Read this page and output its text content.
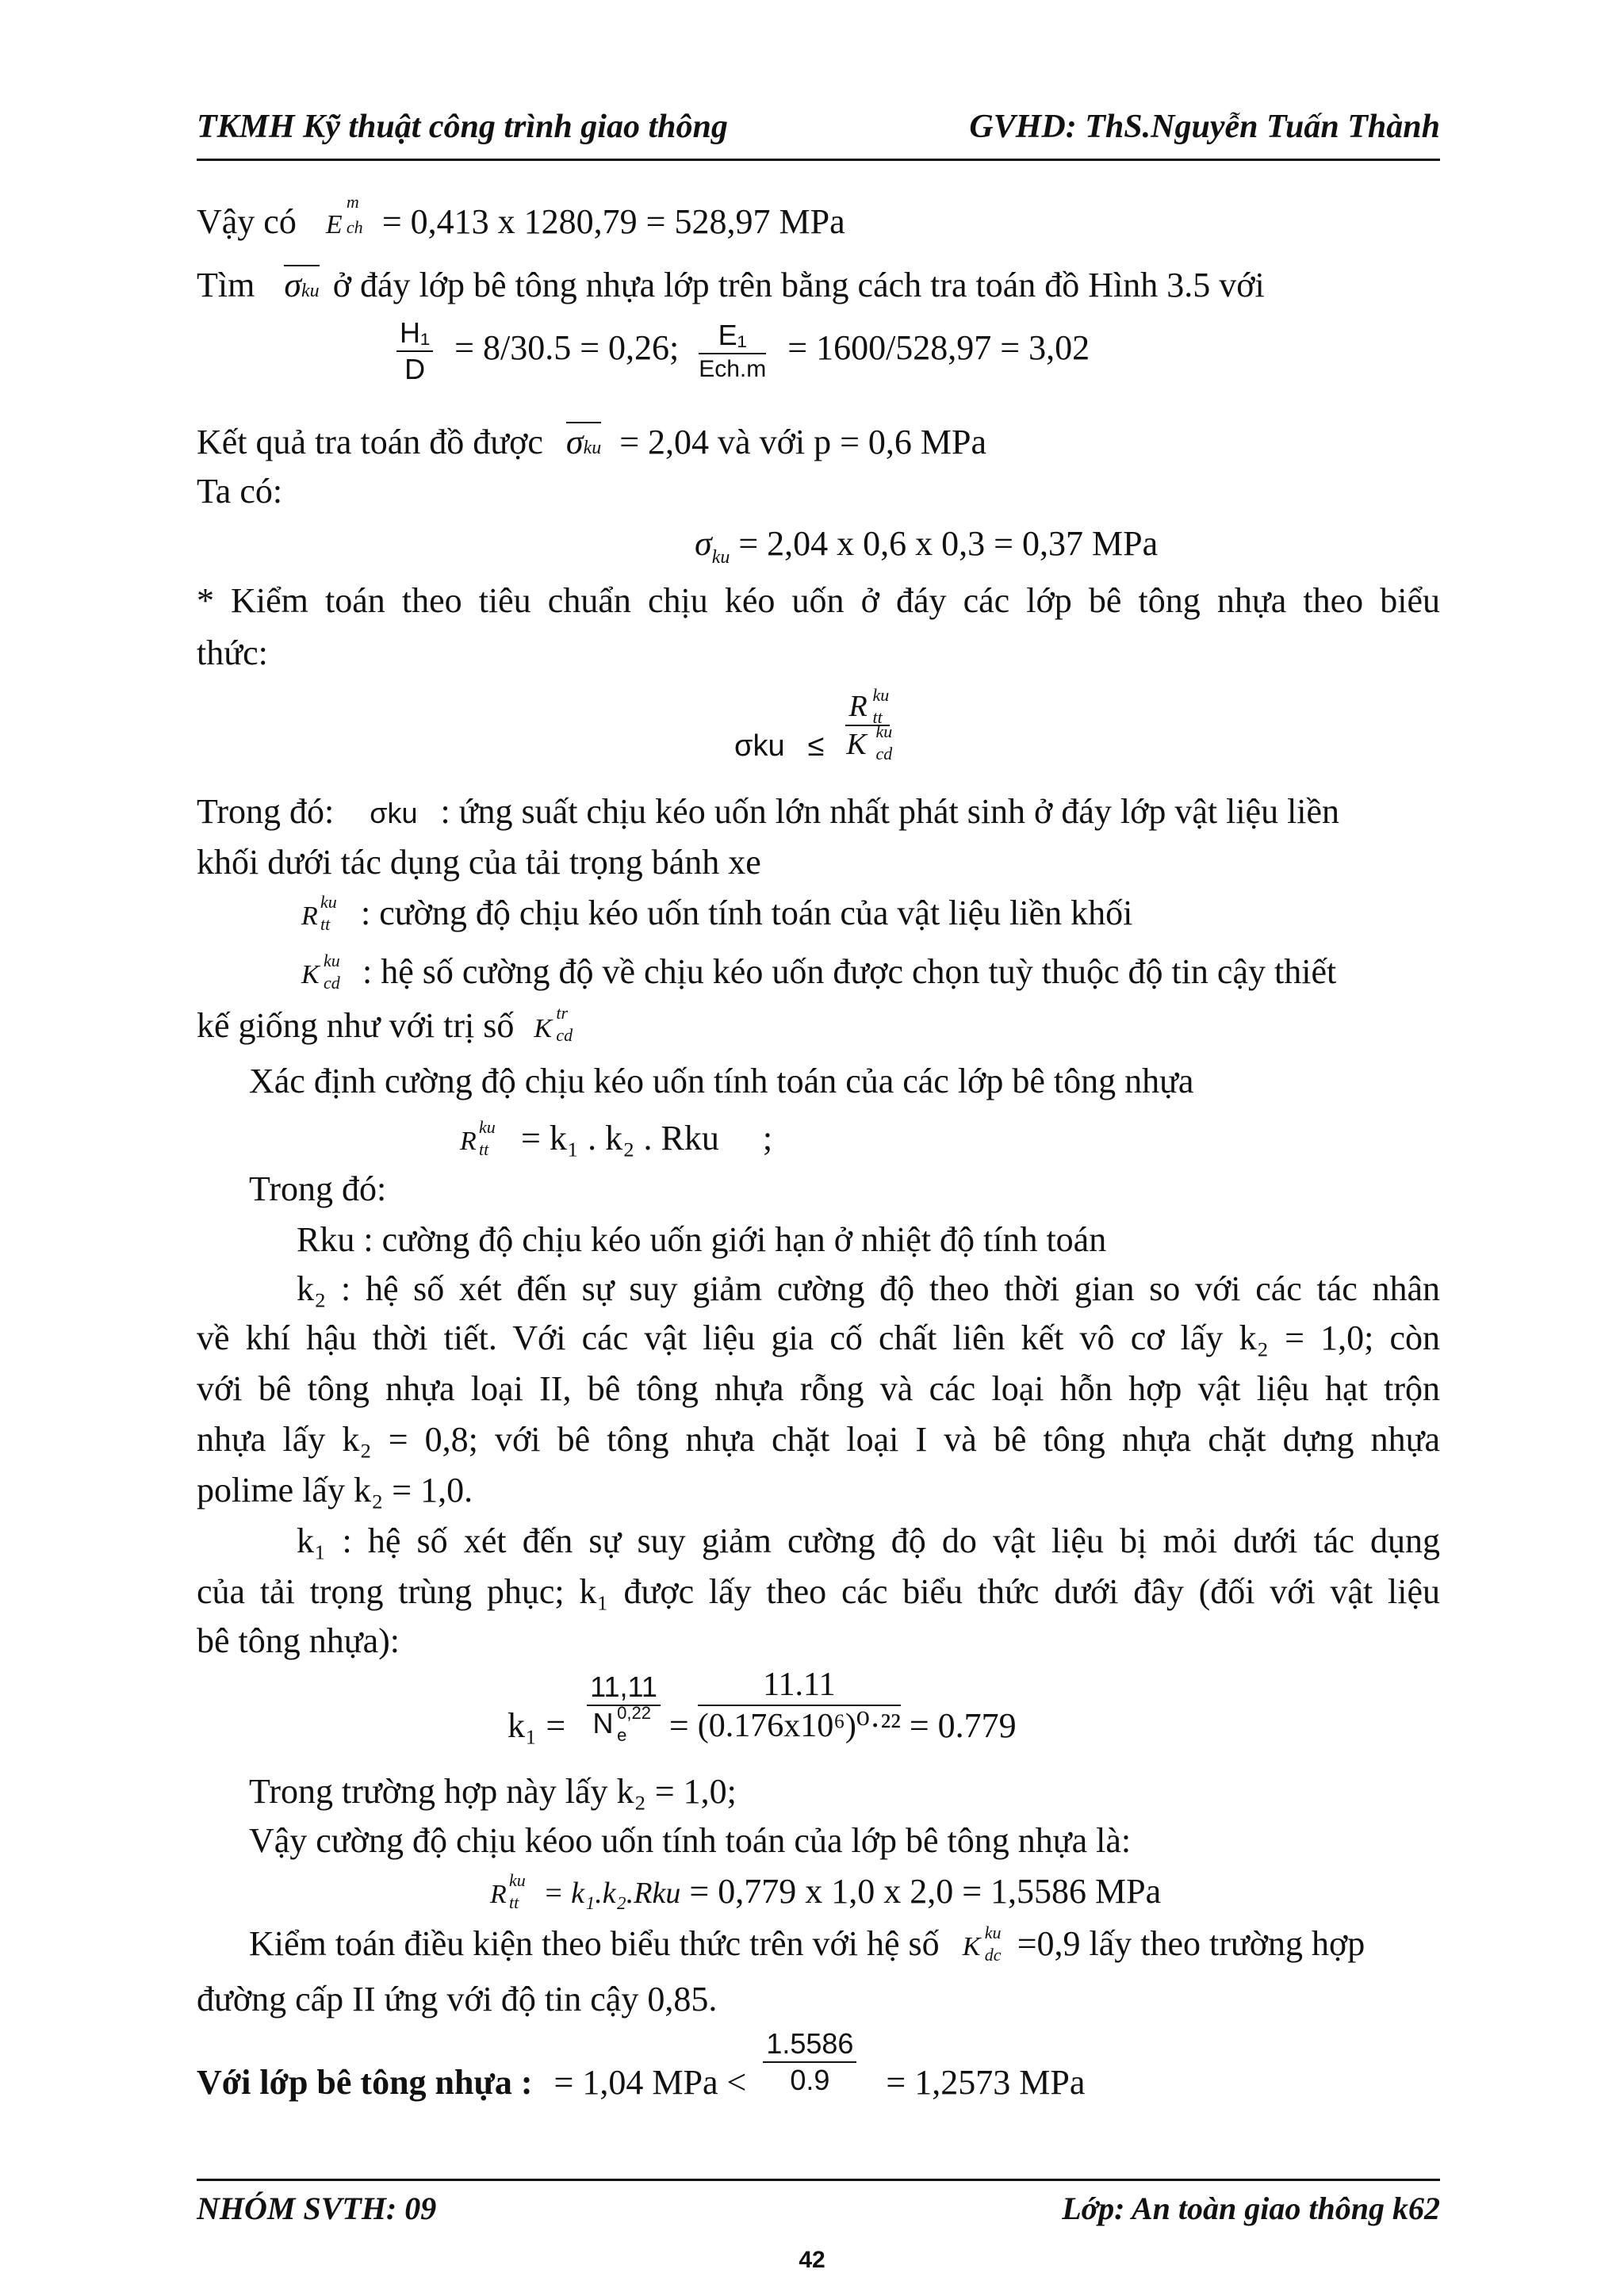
TKMH Kỹ thuật công trình giao thông	GVHD: ThS.Nguyễn Tuấn Thành
Vậy có E
m
ch = 0,413 x 1280,79 = 528,97 MPa
Tìm σku ở đáy lớp bê tông nhựa lớp trên bằng cách tra toán đồ Hình 3.5 với
$\frac{\text{H₁}}{D} = 8/30.5 = 0,26$; $\frac{\text{E₁}}{\text{Ech.m}} = 1600/528,97 = 3,02$
Kết quả tra toán đồ được σku = 2,04 và với p = 0,6 MPa
Ta có:
$\sigma_{ku} = 2,04$ x 0,6 x 0,3 = 0,37 MPa
* Kiểm toán theo tiêu chuẩn chịu kéo uốn ở đáy các lớp bê tông nhựa theo biểu
thức:
σku ≤ R ku
tt
K ku
cd
Trong đó: σku : ứng suất chịu kéo uốn lớn nhất phát sinh ở đáy lớp vật liệu liền
khối dưới tác dụng của tải trọng bánh xe
R ku
tt : cường độ chịu kéo uốn tính toán của vật liệu liền khối
K ku
cd : hệ số cường độ về chịu kéo uốn được chọn tuỳ thuộc độ tin cậy thiết
kế giống như với trị số K
tr
cd
Xác định cường độ chịu kéo uốn tính toán của các lớp bê tông nhựa
R ku
tt = k₁ . k₂ . Rku     ;
Trong đó:
Rku : cường độ chịu kéo uốn giới hạn ở nhiệt độ tính toán
k₂ : hệ số xét đến sự suy giảm cường độ theo thời gian so với các tác nhân
về khí hậu thời tiết. Với các vật liệu gia cố chất liên kết vô cơ lấy k₂ = 1,0; còn
với bê tông nhựa loại II, bê tông nhựa rỗng và các loại hỗn hợp vật liệu hạt trộn
nhựa lấy k₂ = 0,8; với bê tông nhựa chặt loại I và bê tông nhựa chặt dựng nhựa
polime lấy k₂ = 1,0.
k₁ : hệ số xét đến sự suy giảm cường độ do vật liệu bị mỏi dưới tác dụng
của tải trọng trùng phục; k₁ được lấy theo các biểu thức dưới đây (đối với vật liệu
bê tông nhựa):
k₁ = 11,11
N 0,22
$e = \frac{11.11}{\text{(0.176x10⁶)⁰·²²}} = 0.779$
Trong trường hợp này lấy k₂ = 1,0;
Vậy cường độ chịu kéoo uốn tính toán của lớp bê tông nhựa là:
R ku
tt = k₁.k₂.Rku = 0,779 x 1,0 x 2,0 = 1,5586 MPa
Kiểm toán điều kiện theo biểu thức trên với hệ số K ku
dc =0,9 lấy theo trường hợp
đường cấp II ứng với độ tin cậy 0,85.
Với lớp bê tông nhựa : = 1,04 MPa < $\frac{1.5586}{0.9} = 1,2573$ MPa
NHÓM SVTH: 09	Lớp: An toàn giao thông k62
42
